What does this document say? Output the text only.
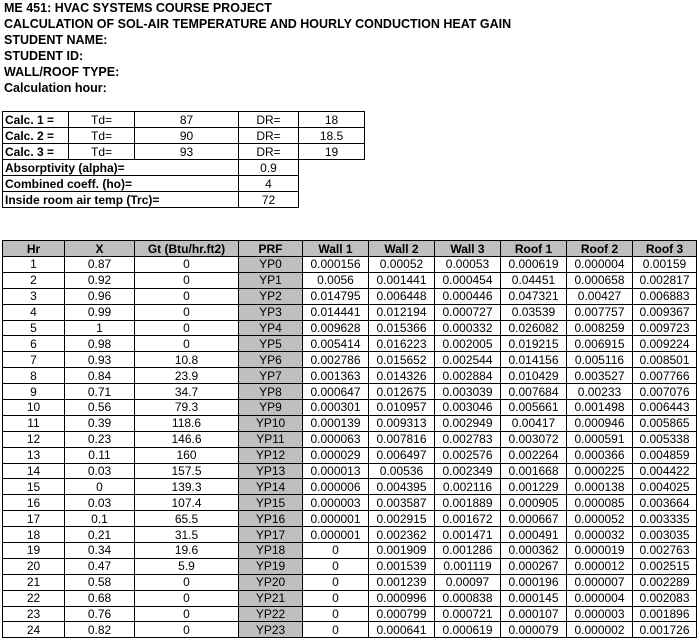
ME 451: HVAC SYSTEMS COURSE PROJECT
CALCULATION OF SOL-AIR TEMPERATURE AND HOURLY CONDUCTION HEAT GAIN
STUDENT NAME:
STUDENT ID:
WALL/ROOF TYPE:
Calculation hour:
Calc. 1 =	Td=	87	DR=	18
Calc. 2 =	Td=	90	DR=	18.5
Calc. 3 =	Td=	93	DR=	19
Absorptivity (alpha)=			0.9	
Combined coeff. (ho)=			4	
Inside room air temp (Trc)=			72	
Hr	X	Gt (Btu/hr.ft2)	PRF	Wall 1	Wall 2	Wall 3	Roof 1	Roof 2	Roof 3
1	0.87	0	YP0	0.000156	0.00052	0.00053	0.000619	0.000004	0.00159
2	0.92	0	YP1	0.0056	0.001441	0.000454	0.04451	0.000658	0.002817
3	0.96	0	YP2	0.014795	0.006448	0.000446	0.047321	0.00427	0.006883
4	0.99	0	YP3	0.014441	0.012194	0.000727	0.03539	0.007757	0.009367
5	1	0	YP4	0.009628	0.015366	0.000332	0.026082	0.008259	0.009723
6	0.98	0	YP5	0.005414	0.016223	0.002005	0.019215	0.006915	0.009224
7	0.93	10.8	YP6	0.002786	0.015652	0.002544	0.014156	0.005116	0.008501
8	0.84	23.9	YP7	0.001363	0.014326	0.002884	0.010429	0.003527	0.007766
9	0.71	34.7	YP8	0.000647	0.012675	0.003039	0.007684	0.00233	0.007076
10	0.56	79.3	YP9	0.000301	0.010957	0.003046	0.005661	0.001498	0.006443
11	0.39	118.6	YP10	0.000139	0.009313	0.002949	0.00417	0.000946	0.005865
12	0.23	146.6	YP11	0.000063	0.007816	0.002783	0.003072	0.000591	0.005338
13	0.11	160	YP12	0.000029	0.006497	0.002576	0.002264	0.000366	0.004859
14	0.03	157.5	YP13	0.000013	0.00536	0.002349	0.001668	0.000225	0.004422
15	0	139.3	YP14	0.000006	0.004395	0.002116	0.001229	0.000138	0.004025
16	0.03	107.4	YP15	0.000003	0.003587	0.001889	0.000905	0.000085	0.003664
17	0.1	65.5	YP16	0.000001	0.002915	0.001672	0.000667	0.000052	0.003335
18	0.21	31.5	YP17	0.000001	0.002362	0.001471	0.000491	0.000032	0.003035
19	0.34	19.6	YP18	0	0.001909	0.001286	0.000362	0.000019	0.002763
20	0.47	5.9	YP19	0	0.001539	0.001119	0.000267	0.000012	0.002515
21	0.58	0	YP20	0	0.001239	0.00097	0.000196	0.000007	0.002289
22	0.68	0	YP21	0	0.000996	0.000838	0.000145	0.000004	0.002083
23	0.76	0	YP22	0	0.000799	0.000721	0.000107	0.000003	0.001896
24	0.82	0	YP23	0	0.000641	0.000619	0.000079	0.000002	0.001726
